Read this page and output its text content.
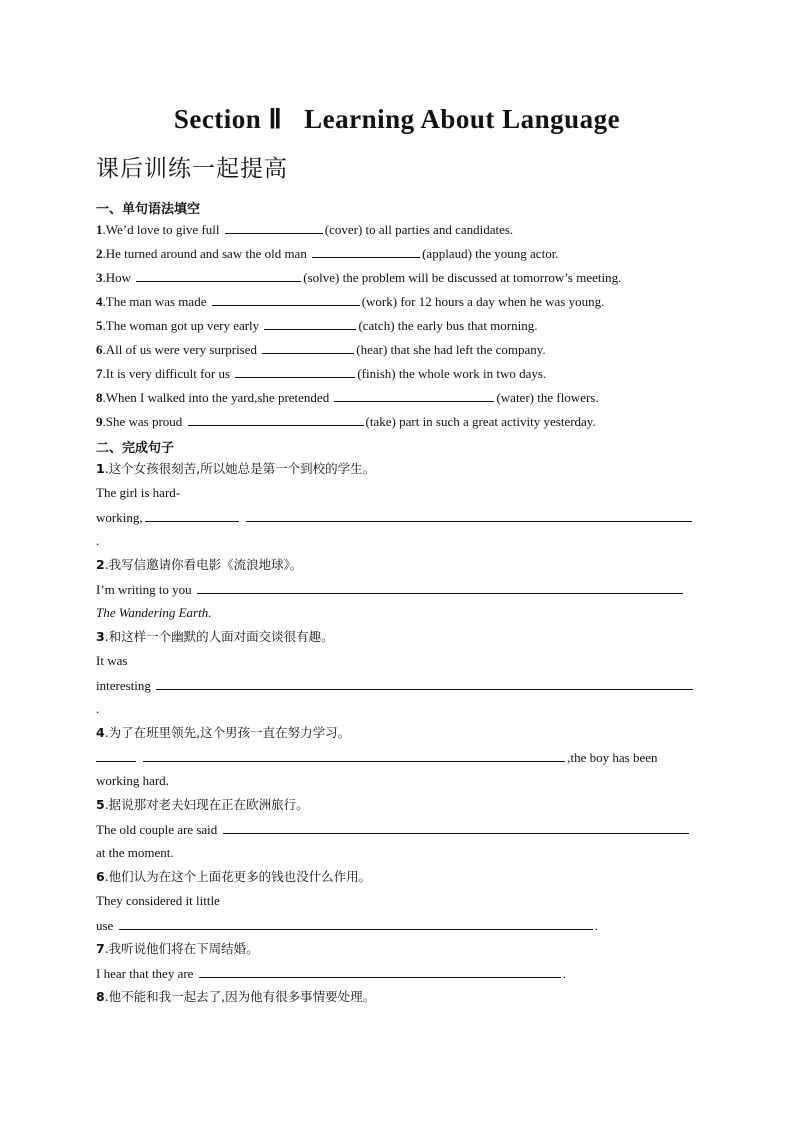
Section Ⅱ   Learning About Language
课后训练一起提高
一、单句语法填空
1.We’d love to give full	(cover) to all parties and candidates.
2.He turned around and saw the old man	(applaud) the young actor.
3.How	(solve) the problem will be discussed at tomorrow’s meeting.
4.The man was made	(work) for 12 hours a day when he was young.
5.The woman got up very early	(catch) the early bus that morning.
6.All of us were very surprised	(hear) that she had left the company.
7.It is very difficult for us	(finish) the whole work in two days.
8.When I walked into the yard,she pretended	(water) the flowers.
9.She was proud	(take) part in such a great activity yesterday.
二、完成句子
1.这个女孩很刻苦,所以她总是第一个到校的学生。
The girl is hard-
working,
.
2.我写信邀请你看电影《流浪地球》。
I’m writing to you
The Wandering Earth.
3.和这样一个幽默的人面对面交谈很有趣。
It was
interesting
.
4.为了在班里领先,这个男孩一直在努力学习。
,the boy has been
working hard.
5.据说那对老夫妇现在正在欧洲旅行。
The old couple are said
at the moment.
6.他们认为在这个上面花更多的钱也没什么作用。
They considered it little
use	.
7.我听说他们将在下周结婚。
I hear that they are	.
8.他不能和我一起去了,因为他有很多事情要处理。
